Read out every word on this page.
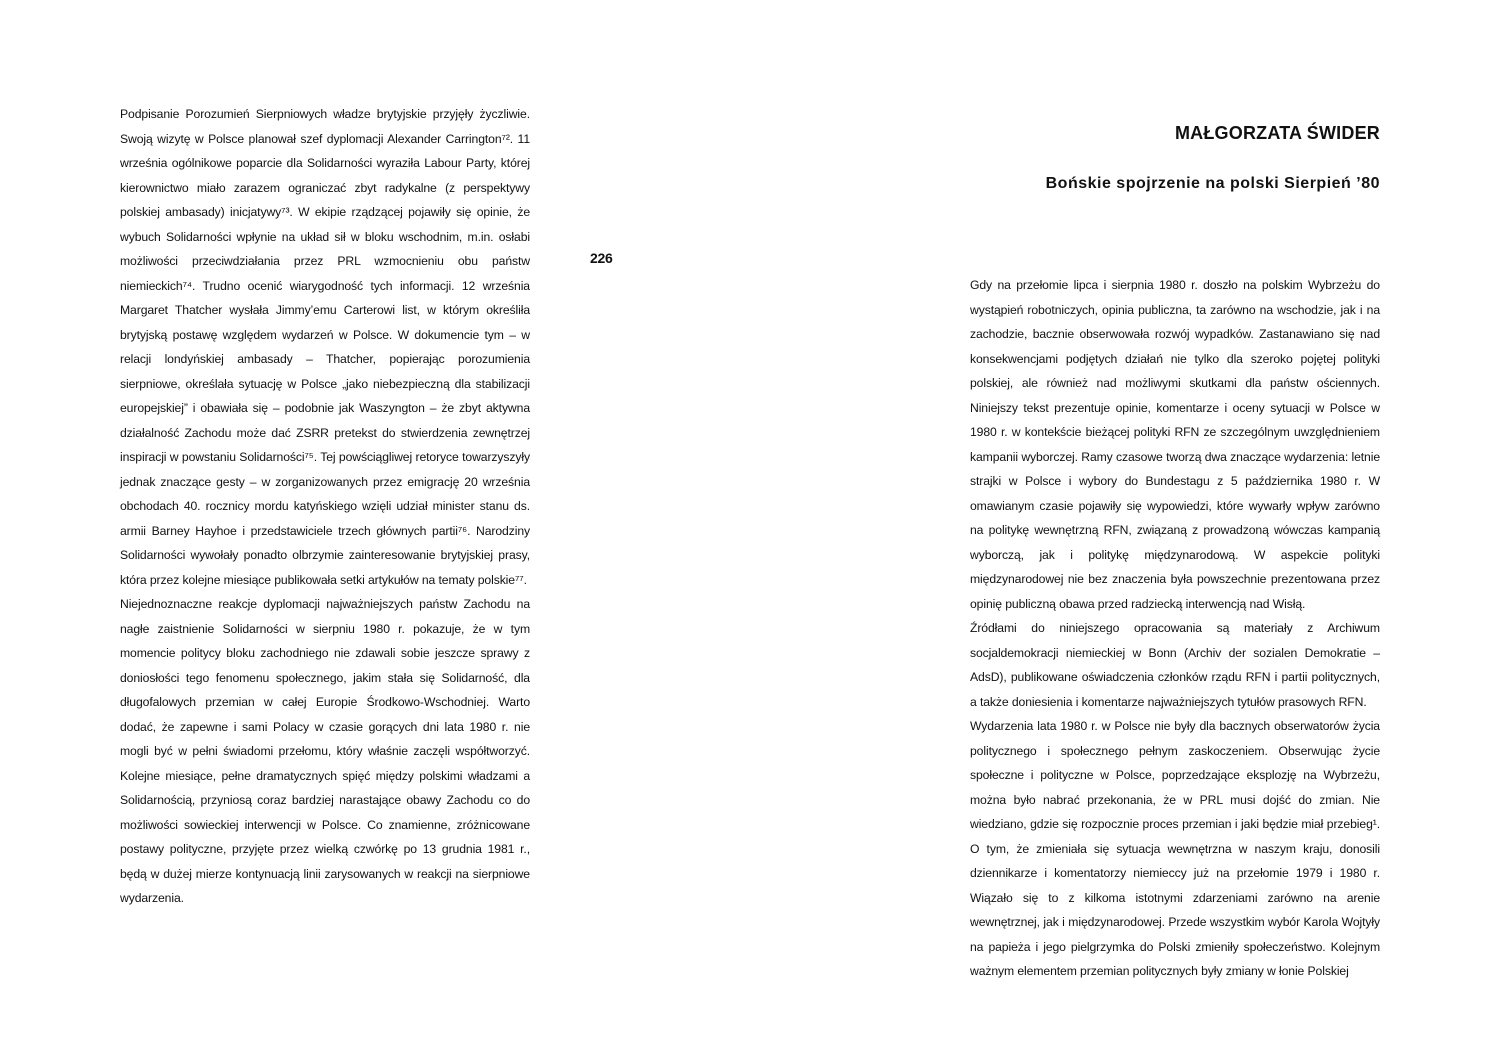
Podpisanie Porozumień Sierpniowych władze brytyjskie przyjęły życzliwie. Swoją wizytę w Polsce planował szef dyplomacji Alexander Carrington⁷². 11 września ogólnikowe poparcie dla Solidarności wyraziła Labour Party, której kierownictwo miało zarazem ograniczać zbyt radykalne (z perspektywy polskiej ambasady) inicjatywy⁷³. W ekipie rządzącej pojawiły się opinie, że wybuch Solidarności wpłynie na układ sił w bloku wschodnim, m.in. osłabi możliwości przeciwdziałania przez PRL wzmocnieniu obu państw niemieckich⁷⁴. Trudno ocenić wiarygodność tych informacji. 12 września Margaret Thatcher wysłała Jimmy’emu Carterowi list, w którym określiła brytyjską postawę względem wydarzeń w Polsce. W dokumencie tym – w relacji londyńskiej ambasady – Thatcher, popierając porozumienia sierpniowe, określała sytuację w Polsce „jako niebezpieczną dla stabilizacji europejskiej” i obawiała się – podobnie jak Waszyngton – że zbyt aktywna działalność Zachodu może dać ZSRR pretekst do stwierdzenia zewnętrzej inspiracji w powstaniu Solidarności⁷⁵. Tej powściągliwej retoryce towarzyszyły jednak znaczące gesty – w zorganizowanych przez emigrację 20 września obchodach 40. rocznicy mordu katyńskiego wzięli udział minister stanu ds. armii Barney Hayhoe i przedstawiciele trzech głównych partii⁷⁶. Narodziny Solidarności wywołały ponadto olbrzymie zainteresowanie brytyjskiej prasy, która przez kolejne miesiące publikowała setki artykułów na tematy polskie⁷⁷.

Niejednoznaczne reakcje dyplomacji najważniejszych państw Zachodu na nagłe zaistnienie Solidarności w sierpniu 1980 r. pokazuje, że w tym momencie politycy bloku zachodniego nie zdawali sobie jeszcze sprawy z doniosłości tego fenomenu społecznego, jakim stała się Solidarność, dla długofalowych przemian w całej Europie Środkowo-Wschodniej. Warto dodać, że zapewne i sami Polacy w czasie gorących dni lata 1980 r. nie mogli być w pełni świadomi przełomu, który właśnie zaczęli współtworzyć. Kolejne miesiące, pełne dramatycznych spięć między polskimi władzami a Solidarnością, przyniosą coraz bardziej narastające obawy Zachodu co do możliwości sowieckiej interwencji w Polsce. Co znamienne, zróżnicowane postawy polityczne, przyjęte przez wielką czwórkę po 13 grudnia 1981 r., będą w dużej mierze kontynuacją linii zarysowanych w reakcji na sierpniowe wydarzenia.

226
MAŁGORZATA ŚWIDER
Bońskie spojrzenie na polski Sierpień ’80

Gdy na przełomie lipca i sierpnia 1980 r. doszło na polskim Wybrzeżu do wystąpień robotniczych, opinia publiczna, ta zarówno na wschodzie, jak i na zachodzie, bacznie obserwowała rozwój wypadków. Zastanawiano się nad konsekwencjami podjętych działań nie tylko dla szeroko pojętej polityki polskiej, ale również nad możliwymi skutkami dla państw ościennych. Niniejszy tekst prezentuje opinie, komentarze i oceny sytuacji w Polsce w 1980 r. w kontekście bieżącej polityki RFN ze szczególnym uwzględnieniem kampanii wyborczej. Ramy czasowe tworzą dwa znaczące wydarzenia: letnie strajki w Polsce i wybory do Bundestagu z 5 października 1980 r. W omawianym czasie pojawiły się wypowiedzi, które wywarły wpływ zarówno na politykę wewnętrzną RFN, związaną z prowadzoną wówczas kampanią wyborczą, jak i politykę międzynarodową. W aspekcie polityki międzynarodowej nie bez znaczenia była powszechnie prezentowana przez opinię publiczną obawa przed radziecką interwencją nad Wisłą.

Źródłami do niniejszego opracowania są materiały z Archiwum socjaldemokracji niemieckiej w Bonn (Archiv der sozialen Demokratie – AdsD), publikowane oświadczenia członków rządu RFN i partii politycznych, a także doniesienia i komentarze najważniejszych tytułów prasowych RFN.

Wydarzenia lata 1980 r. w Polsce nie były dla bacznych obserwatorów życia politycznego i społecznego pełnym zaskoczeniem. Obserwując życie społeczne i polityczne w Polsce, poprzedzające eksplozję na Wybrzeżu, można było nabrać przekonania, że w PRL musi dojść do zmian. Nie wiedziano, gdzie się rozpocznie proces przemian i jaki będzie miał przebieg¹. O tym, że zmieniała się sytuacja wewnętrzna w naszym kraju, donosili dziennikarze i komentatorzy niemieccy już na przełomie 1979 i 1980 r. Wiązało się to z kilkoma istotnymi zdarzeniami zarówno na arenie wewnętrznej, jak i międzynarodowej. Przede wszystkim wybór Karola Wojtyły na papieża i jego pielgrzymka do Polski zmieniły społeczeństwo. Kolejnym ważnym elementem przemian politycznych były zmiany w łonie Polskiej
